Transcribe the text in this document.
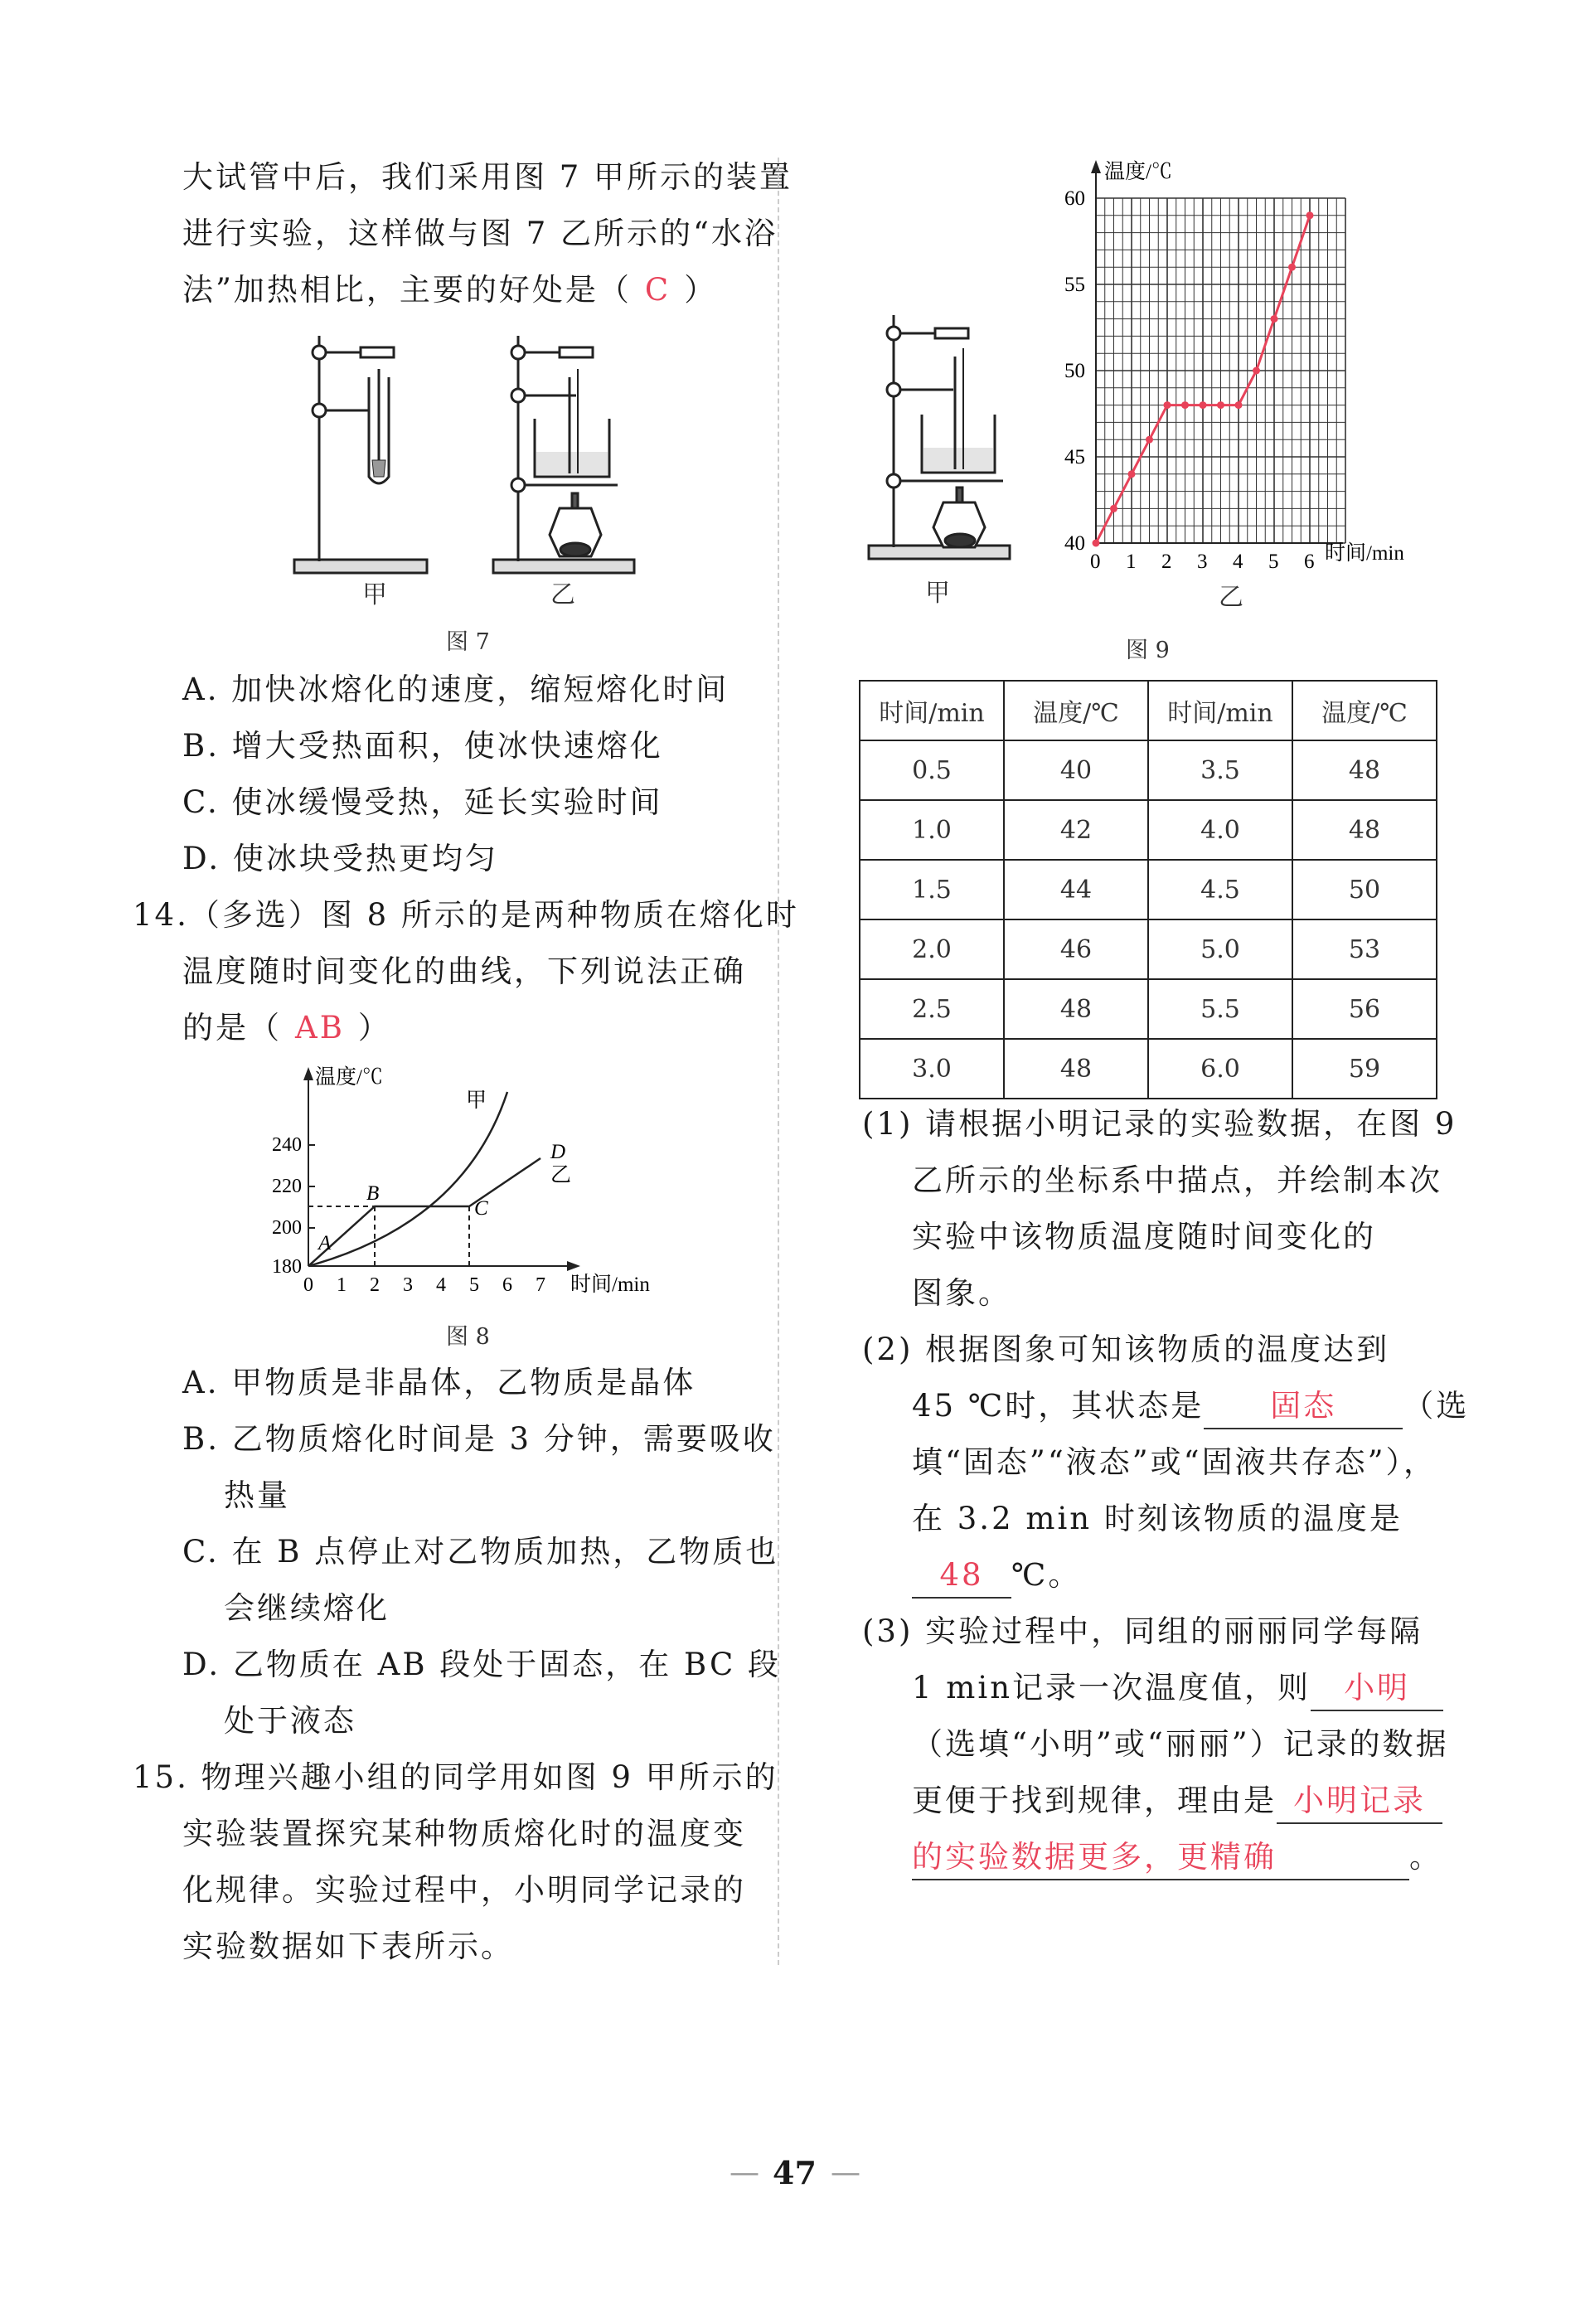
大试管中后，我们采用图 7 甲所示的装置
进行实验，这样做与图 7 乙所示的“水浴
法”加热相比，主要的好处是（ C ）
甲	乙
图 7
A. 加快冰熔化的速度，缩短熔化时间
B. 增大受热面积，使冰快速熔化
C. 使冰缓慢受热，延长实验时间
D. 使冰块受热更均匀
14.（多选）图 8 所示的是两种物质在熔化时
温度随时间变化的曲线，下列说法正确
的是（ AB ）
温度/℃
时间/min
240
220
200
180
0 1 2 3 4 5 6 7
甲
乙
A
B
C
D
图 8
A. 甲物质是非晶体，乙物质是晶体
B. 乙物质熔化时间是 3 分钟，需要吸收
热量
C. 在 B 点停止对乙物质加热，乙物质也
会继续熔化
D. 乙物质在 AB 段处于固态，在 BC 段
处于液态
15. 物理兴趣小组的同学用如图 9 甲所示的
实验装置探究某种物质熔化时的温度变
化规律。实验过程中，小明同学记录的
实验数据如下表所示。
甲
温度/℃
时间/min
0 1 2 3 4 5 6
40
45
50
55
60
乙
图 9
时间/min	温度/℃	时间/min	温度/℃
0.5	40	3.5	48
1.0	42	4.0	48
1.5	44	4.5	50
2.0	46	5.0	53
2.5	48	5.5	56
3.0	48	6.0	59
(1) 请根据小明记录的实验数据，在图 9
乙所示的坐标系中描点，并绘制本次
实验中该物质温度随时间变化的
图象。
(2) 根据图象可知该物质的温度达到
45 ℃时，其状态是 固态 （选
填“固态”“液态”或“固液共存态”），
在 3.2 min 时刻该物质的温度是
48 ℃。
(3) 实验过程中，同组的丽丽同学每隔
1 min记录一次温度值，则 小明
（选填“小明”或“丽丽”）记录的数据
更便于找到规律，理由是 小明记录
的实验数据更多，更精确	。
— 47 —
